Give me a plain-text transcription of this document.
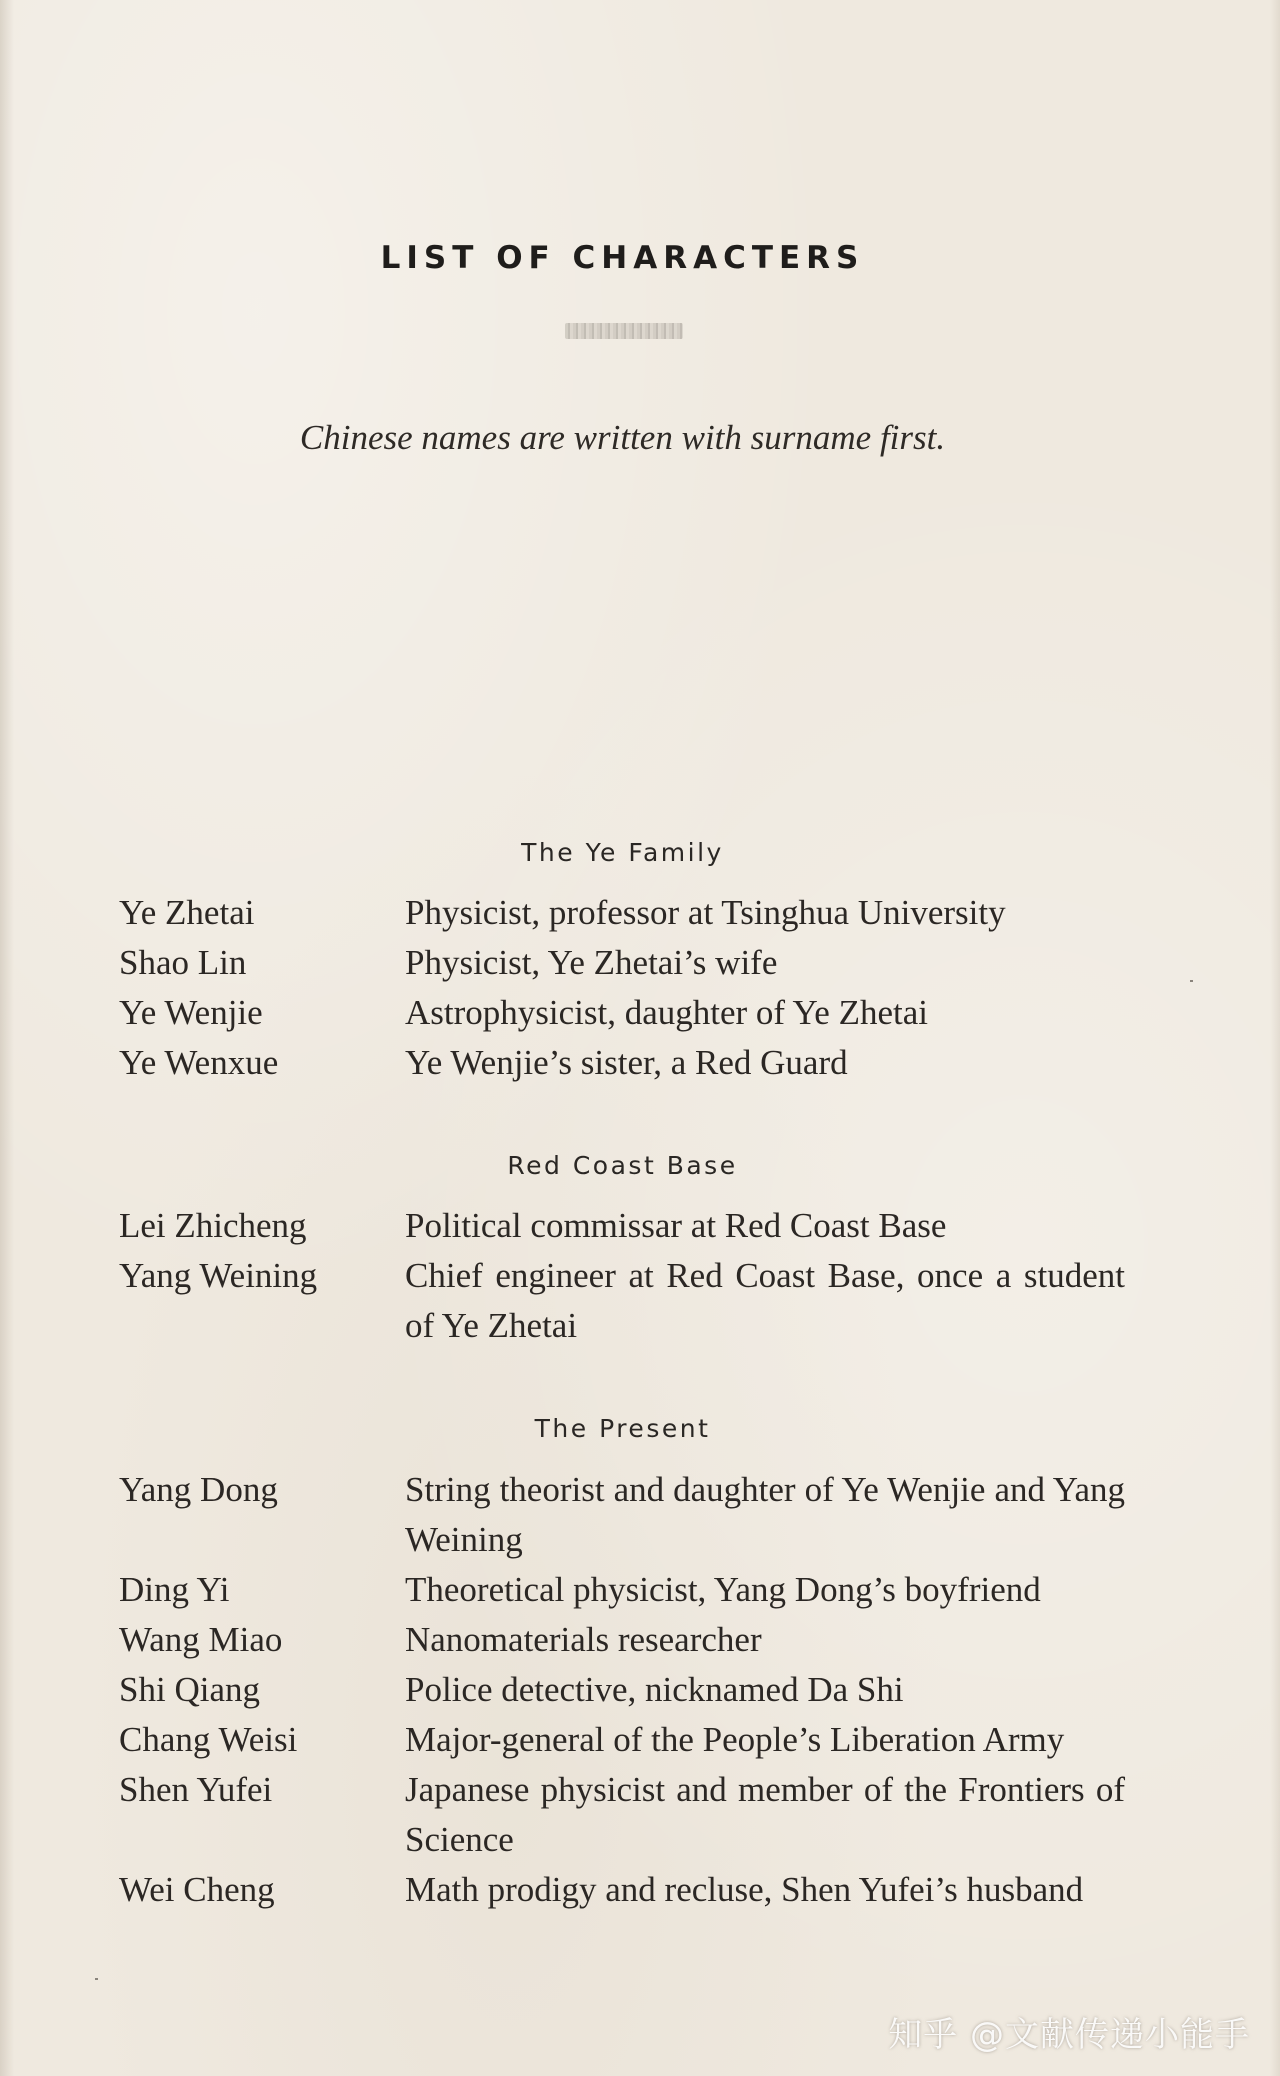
LIST OF CHARACTERS
Chinese names are written with surname first.
The Ye Family
Ye Zhetai	Physicist, professor at Tsinghua University
Shao Lin	Physicist, Ye Zhetai’s wife
Ye Wenjie	Astrophysicist, daughter of Ye Zhetai
Ye Wenxue	Ye Wenjie’s sister, a Red Guard
Red Coast Base
Lei Zhicheng	Political commissar at Red Coast Base
Yang Weining	Chief engineer at Red Coast Base, once a student of Ye Zhetai
The Present
Yang Dong	String theorist and daughter of Ye Wenjie and Yang Weining
Ding Yi	Theoretical physicist, Yang Dong’s boyfriend
Wang Miao	Nanomaterials researcher
Shi Qiang	Police detective, nicknamed Da Shi
Chang Weisi	Major-general of the People’s Liberation Army
Shen Yufei	Japanese physicist and member of the Frontiers of Science
Wei Cheng	Math prodigy and recluse, Shen Yufei’s husband
知乎 @文献传递小能手
